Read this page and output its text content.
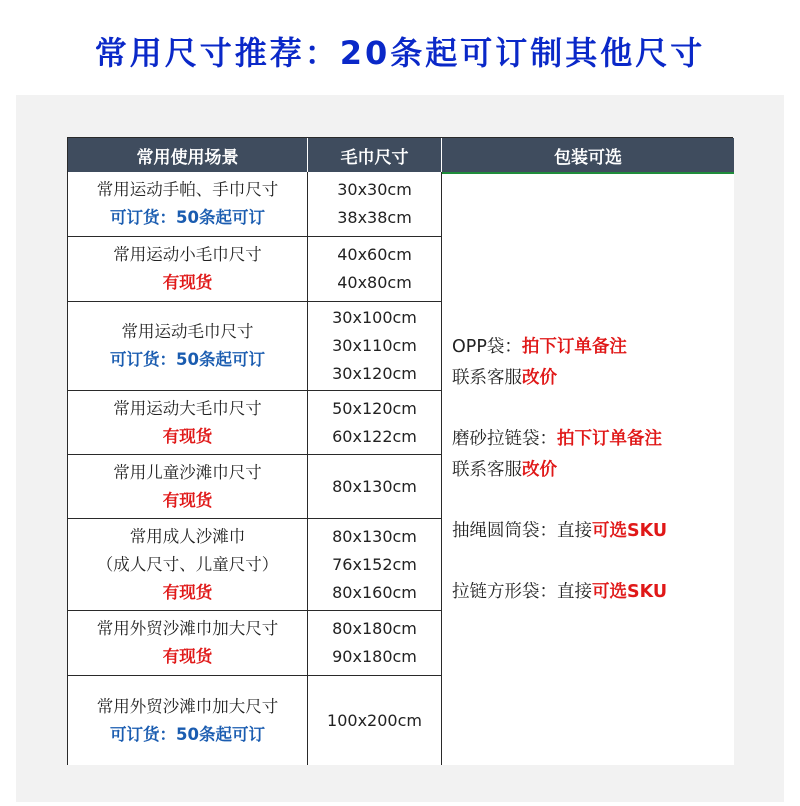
常用尺寸推荐：20条起可订制其他尺寸
常用使用场景	毛巾尺寸	包装可选
常用运动手帕、手巾尺寸
可订货：50条起可订
30x30cm
38x38cm
OPP袋：拍下订单备注
联系客服改价
磨砂拉链袋：拍下订单备注
联系客服改价
抽绳圆筒袋：直接可选SKU
拉链方形袋：直接可选SKU
常用运动小毛巾尺寸
有现货
40x60cm
40x80cm
常用运动毛巾尺寸
可订货：50条起可订
30x100cm
30x110cm
30x120cm
常用运动大毛巾尺寸
有现货
50x120cm
60x122cm
常用儿童沙滩巾尺寸
有现货
80x130cm
常用成人沙滩巾
（成人尺寸、儿童尺寸）
有现货
80x130cm
76x152cm
80x160cm
常用外贸沙滩巾加大尺寸
有现货
80x180cm
90x180cm
常用外贸沙滩巾加大尺寸
可订货：50条起可订
100x200cm
